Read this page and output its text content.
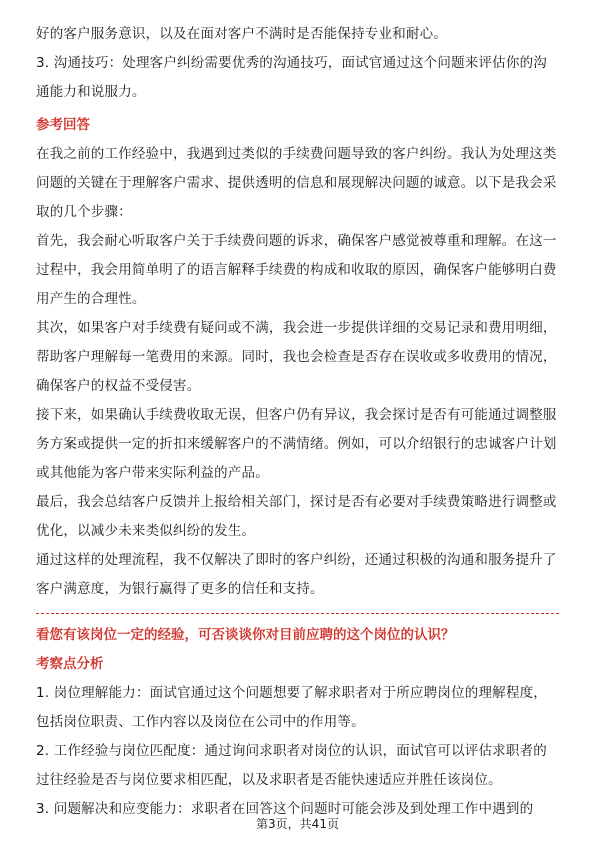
好的客户服务意识，以及在面对客户不满时是否能保持专业和耐心。

3. 沟通技巧：处理客户纠纷需要优秀的沟通技巧，面试官通过这个问题来评估你的沟通能力和说服力。

参考回答

在我之前的工作经验中，我遇到过类似的手续费问题导致的客户纠纷。我认为处理这类问题的关键在于理解客户需求、提供透明的信息和展现解决问题的诚意。以下是我会采取的几个步骤：

首先，我会耐心听取客户关于手续费问题的诉求，确保客户感觉被尊重和理解。在这一过程中，我会用简单明了的语言解释手续费的构成和收取的原因，确保客户能够明白费用产生的合理性。

其次，如果客户对手续费有疑问或不满，我会进一步提供详细的交易记录和费用明细，帮助客户理解每一笔费用的来源。同时，我也会检查是否存在误收或多收费用的情况，确保客户的权益不受侵害。

接下来，如果确认手续费收取无误，但客户仍有异议，我会探讨是否有可能通过调整服务方案或提供一定的折扣来缓解客户的不满情绪。例如，可以介绍银行的忠诚客户计划或其他能为客户带来实际利益的产品。

最后，我会总结客户反馈并上报给相关部门，探讨是否有必要对手续费策略进行调整或优化，以减少未来类似纠纷的发生。

通过这样的处理流程，我不仅解决了即时的客户纠纷，还通过积极的沟通和服务提升了客户满意度，为银行赢得了更多的信任和支持。

看您有该岗位一定的经验，可否谈谈你对目前应聘的这个岗位的认识？

考察点分析

1. 岗位理解能力：面试官通过这个问题想要了解求职者对于所应聘岗位的理解程度，包括岗位职责、工作内容以及岗位在公司中的作用等。

2. 工作经验与岗位匹配度：通过询问求职者对岗位的认识，面试官可以评估求职者的过往经验是否与岗位要求相匹配，以及求职者是否能快速适应并胜任该岗位。

3. 问题解决和应变能力：求职者在回答这个问题时可能会涉及到处理工作中遇到的

第3页，共41页
